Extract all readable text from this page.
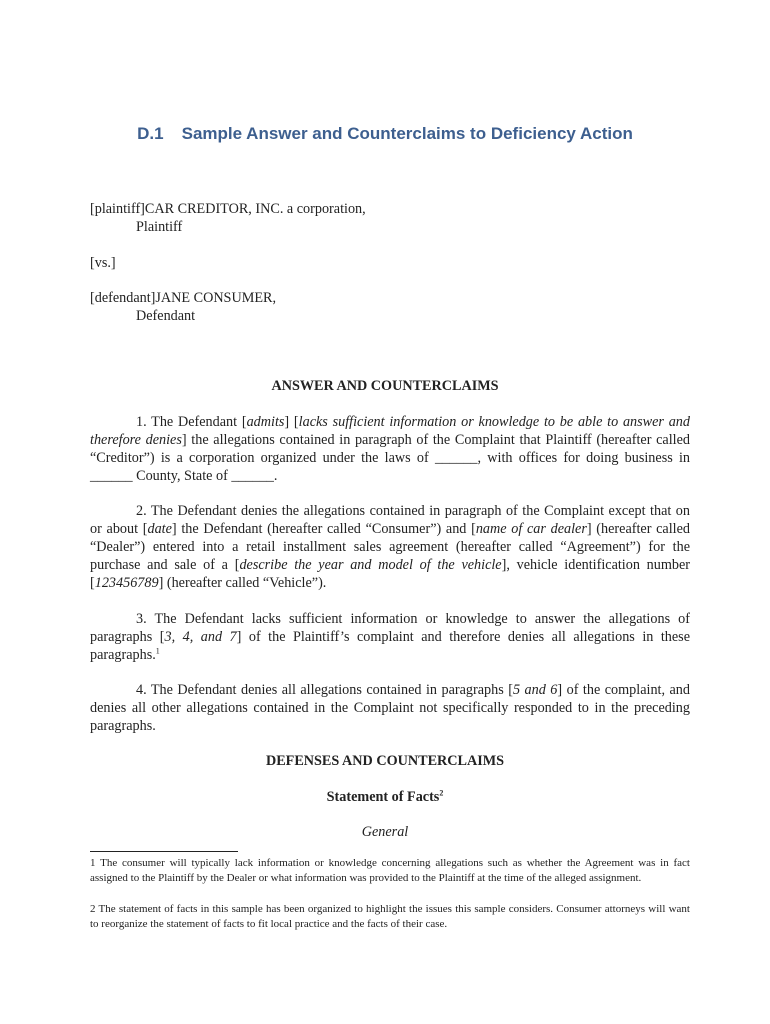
D.1 Sample Answer and Counterclaims to Deficiency Action
[plaintiff]CAR CREDITOR, INC. a corporation,
Plaintiff
[vs.]
[defendant]JANE CONSUMER,
Defendant
ANSWER AND COUNTERCLAIMS
1. The Defendant [admits] [lacks sufficient information or knowledge to be able to answer and therefore denies] the allegations contained in paragraph of the Complaint that Plaintiff (hereafter called “Creditor”) is a corporation organized under the laws of ______, with offices for doing business in ______ County, State of ______.
2. The Defendant denies the allegations contained in paragraph of the Complaint except that on or about [date] the Defendant (hereafter called “Consumer”) and [name of car dealer] (hereafter called “Dealer”) entered into a retail installment sales agreement (hereafter called “Agreement”) for the purchase and sale of a [describe the year and model of the vehicle], vehicle identification number [123456789] (hereafter called “Vehicle”).
3. The Defendant lacks sufficient information or knowledge to answer the allegations of paragraphs [3, 4, and 7] of the Plaintiff’s complaint and therefore denies all allegations in these paragraphs.$^1$
4. The Defendant denies all allegations contained in paragraphs [5 and 6] of the complaint, and denies all other allegations contained in the Complaint not specifically responded to in the preceding paragraphs.
DEFENSES AND COUNTERCLAIMS
Statement of Facts$^2$
General
1 The consumer will typically lack information or knowledge concerning allegations such as whether the Agreement was in fact assigned to the Plaintiff by the Dealer or what information was provided to the Plaintiff at the time of the alleged assignment.
2 The statement of facts in this sample has been organized to highlight the issues this sample considers. Consumer attorneys will want to reorganize the statement of facts to fit local practice and the facts of their case.
